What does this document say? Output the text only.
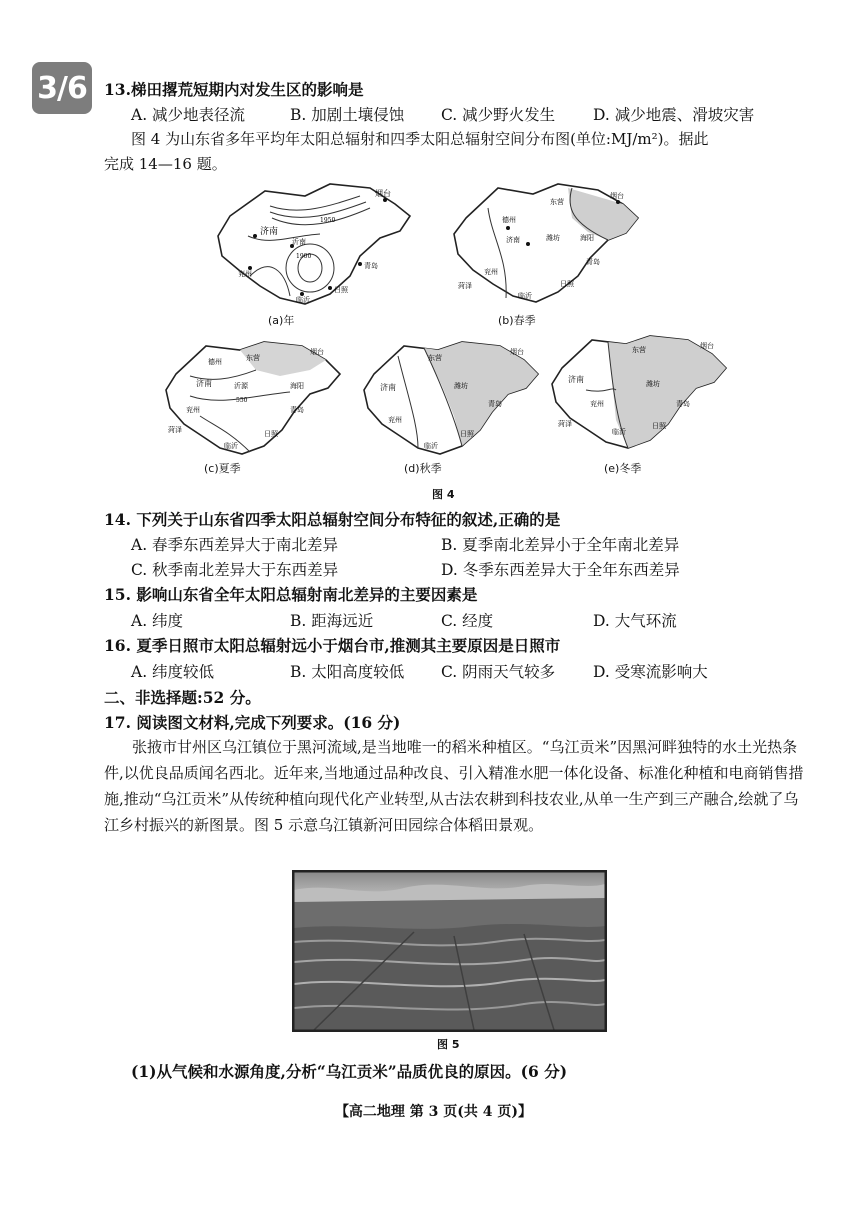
3/6	13.梯田撂荒短期内对发生区的影响是
A. 减少地表径流	B. 加剧土壤侵蚀 C. 减少野火发生 D. 减少地震、滑坡灾害
图 4 为山东省多年平均年太阳总辐射和四季太阳总辐射空间分布图(单位:MJ/m²)。据此
完成 14—16 题。
烟台
济南
沂南
临沂
日照
青岛
兖州
1900
1950
(a)年
烟台
东营
德州
济南	潍坊	海阳
青岛
兖州
菏泽	日照
临沂
(b)春季
烟台
德州	东营
济南	沂源	海阳
兖州	青岛
菏泽	日照
临沂
550
(c)夏季
烟台
东营
济南	潍坊
青岛
兖州
日照
临沂
(d)秋季
烟台
东营
济南	潍坊
青岛
兖州
菏泽	日照
临沂
(e)冬季
图 4
14. 下列关于山东省四季太阳总辐射空间分布特征的叙述,正确的是
A. 春季东西差异大于南北差异	B. 夏季南北差异小于全年南北差异
C. 秋季南北差异大于东西差异	D. 冬季东西差异大于全年东西差异
15. 影响山东省全年太阳总辐射南北差异的主要因素是
A. 纬度	B. 距海远近	C. 经度	D. 大气环流
16. 夏季日照市太阳总辐射远小于烟台市,推测其主要原因是日照市
A. 纬度较低	B. 太阳高度较低 C. 阴雨天气较多 D. 受寒流影响大
二、非选择题:52 分。
17. 阅读图文材料,完成下列要求。(16 分)
张掖市甘州区乌江镇位于黑河流域,是当地唯一的稻米种植区。“乌江贡米”因黑河畔独特的水土光热条件,以优良品质闻名西北。近年来,当地通过品种改良、引入精准水肥一体化设备、标准化种植和电商销售措施,推动“乌江贡米”从传统种植向现代化产业转型,从古法农耕到科技农业,从单一生产到三产融合,绘就了乌江乡村振兴的新图景。图 5 示意乌江镇新河田园综合体稻田景观。
图 5
(1)从气候和水源角度,分析“乌江贡米”品质优良的原因。(6 分)
【高二地理 第 3 页(共 4 页)】
